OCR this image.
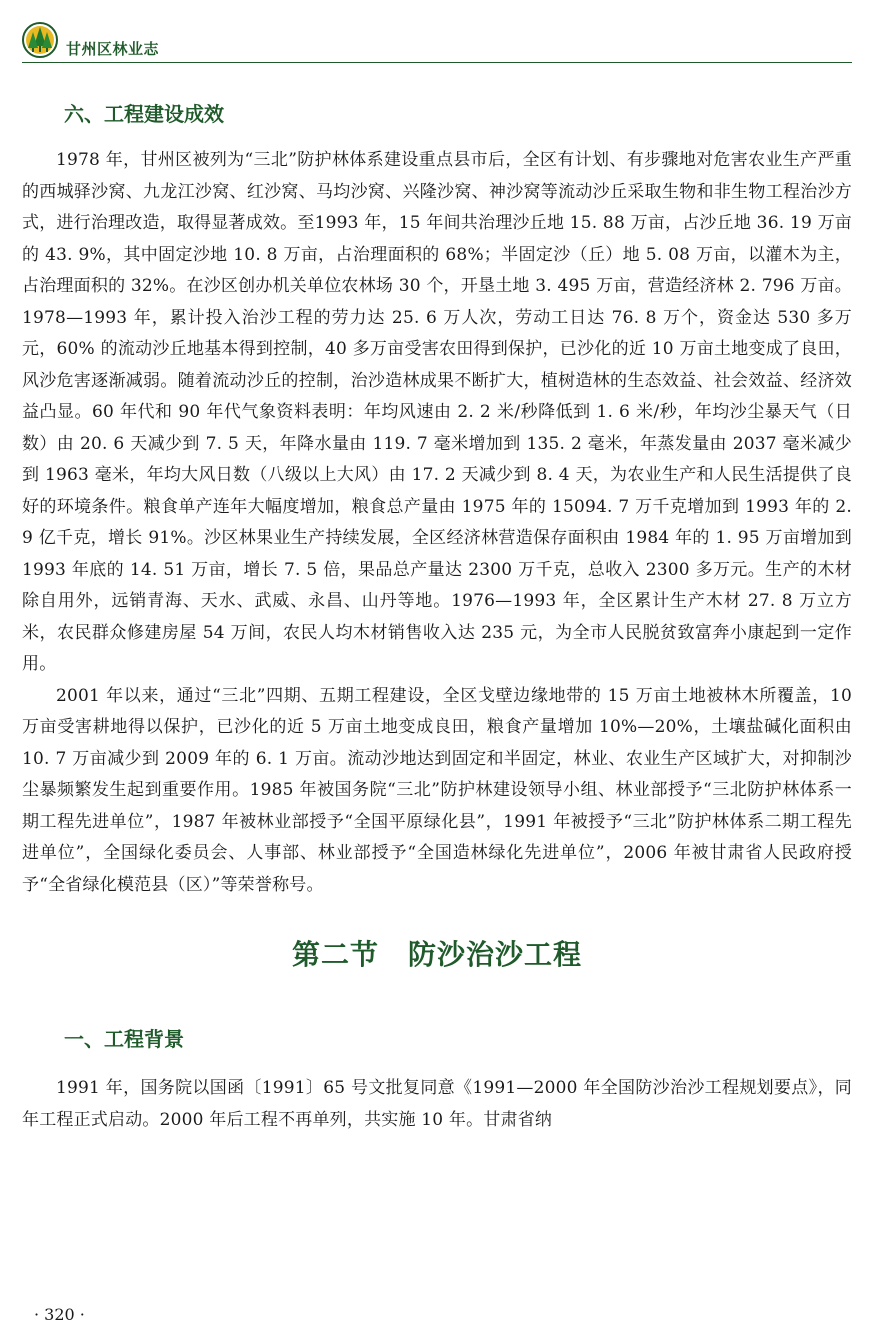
甘州区林业志
六、工程建设成效

1978 年，甘州区被列为“三北”防护林体系建设重点县市后，全区有计划、有步骤地对危害农业生产严重的西城驿沙窝、九龙江沙窝、红沙窝、马均沙窝、兴隆沙窝、神沙窝等流动沙丘采取生物和非生物工程治沙方式，进行治理改造，取得显著成效。至1993 年，15 年间共治理沙丘地 15. 88 万亩，占沙丘地 36. 19 万亩的 43. 9%，其中固定沙地 10. 8 万亩，占治理面积的 68%；半固定沙（丘）地 5. 08 万亩，以灌木为主，占治理面积的 32%。在沙区创办机关单位农林场 30 个，开垦土地 3. 495 万亩，营造经济林 2. 796 万亩。1978—1993 年，累计投入治沙工程的劳力达 25. 6 万人次，劳动工日达 76. 8 万个，资金达 530 多万元，60% 的流动沙丘地基本得到控制，40 多万亩受害农田得到保护，已沙化的近 10 万亩土地变成了良田，风沙危害逐渐减弱。随着流动沙丘的控制，治沙造林成果不断扩大，植树造林的生态效益、社会效益、经济效益凸显。60 年代和 90 年代气象资料表明：年均风速由 2. 2 米/秒降低到 1. 6 米/秒，年均沙尘暴天气（日数）由 20. 6 天减少到 7. 5 天，年降水量由 119. 7 毫米增加到 135. 2 毫米，年蒸发量由 2037 毫米减少到 1963 毫米，年均大风日数（八级以上大风）由 17. 2 天减少到 8. 4 天，为农业生产和人民生活提供了良好的环境条件。粮食单产连年大幅度增加，粮食总产量由 1975 年的 15094. 7 万千克增加到 1993 年的 2. 9 亿千克，增长 91%。沙区林果业生产持续发展，全区经济林营造保存面积由 1984 年的 1. 95 万亩增加到 1993 年底的 14. 51 万亩，增长 7. 5 倍，果品总产量达 2300 万千克，总收入 2300 多万元。生产的木材除自用外，远销青海、天水、武威、永昌、山丹等地。1976—1993 年，全区累计生产木材 27. 8 万立方米，农民群众修建房屋 54 万间，农民人均木材销售收入达 235 元，为全市人民脱贫致富奔小康起到一定作用。

2001 年以来，通过“三北”四期、五期工程建设，全区戈壁边缘地带的 15 万亩土地被林木所覆盖，10 万亩受害耕地得以保护，已沙化的近 5 万亩土地变成良田，粮食产量增加 10%—20%，土壤盐碱化面积由 10. 7 万亩减少到 2009 年的 6. 1 万亩。流动沙地达到固定和半固定，林业、农业生产区域扩大，对抑制沙尘暴频繁发生起到重要作用。1985 年被国务院“三北”防护林建设领导小组、林业部授予“三北防护林体系一期工程先进单位”，1987 年被林业部授予“全国平原绿化县”，1991 年被授予“三北”防护林体系二期工程先进单位”，全国绿化委员会、人事部、林业部授予“全国造林绿化先进单位”，2006 年被甘肃省人民政府授予“全省绿化模范县（区）”等荣誉称号。

第二节　防沙治沙工程
一、工程背景

1991 年，国务院以国函〔1991〕65 号文批复同意《1991—2000 年全国防沙治沙工程规划要点》，同年工程正式启动。2000 年后工程不再单列，共实施 10 年。甘肃省纳

· 320 ·
